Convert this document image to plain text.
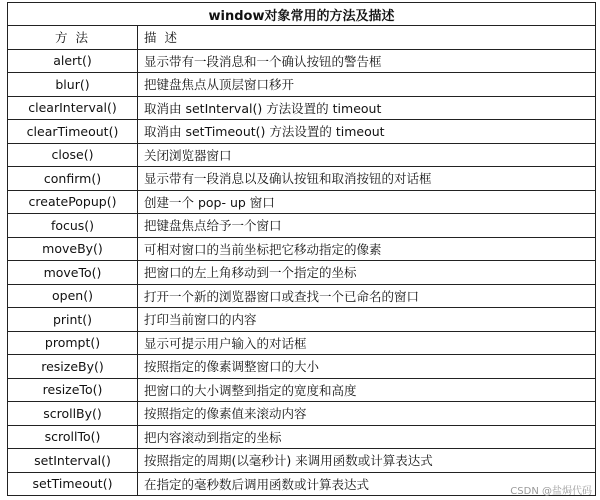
window对象常用的方法及描述	
方 法	描 述
alert()	显示带有一段消息和一个确认按钮的警告框
blur()	把键盘焦点从顶层窗口移开
clearInterval()	取消由 setInterval() 方法设置的 timeout
clearTimeout()	取消由 setTimeout() 方法设置的 timeout
close()	关闭浏览器窗口
confirm()	显示带有一段消息以及确认按钮和取消按钮的对话框
createPopup()	创建一个 pop- up 窗口
focus()	把键盘焦点给予一个窗口
moveBy()	可相对窗口的当前坐标把它移动指定的像素
moveTo()	把窗口的左上角移动到一个指定的坐标
open()	打开一个新的浏览器窗口或查找一个已命名的窗口
print()	打印当前窗口的内容
prompt()	显示可提示用户输入的对话框
resizeBy()	按照指定的像素调整窗口的大小
resizeTo()	把窗口的大小调整到指定的宽度和高度
scrollBy()	按照指定的像素值来滚动内容
scrollTo()	把内容滚动到指定的坐标
setInterval()	按照指定的周期(以毫秒计) 来调用函数或计算表达式
setTimeout()	在指定的毫秒数后调用函数或计算表达式	CSDN @盐焗代码
